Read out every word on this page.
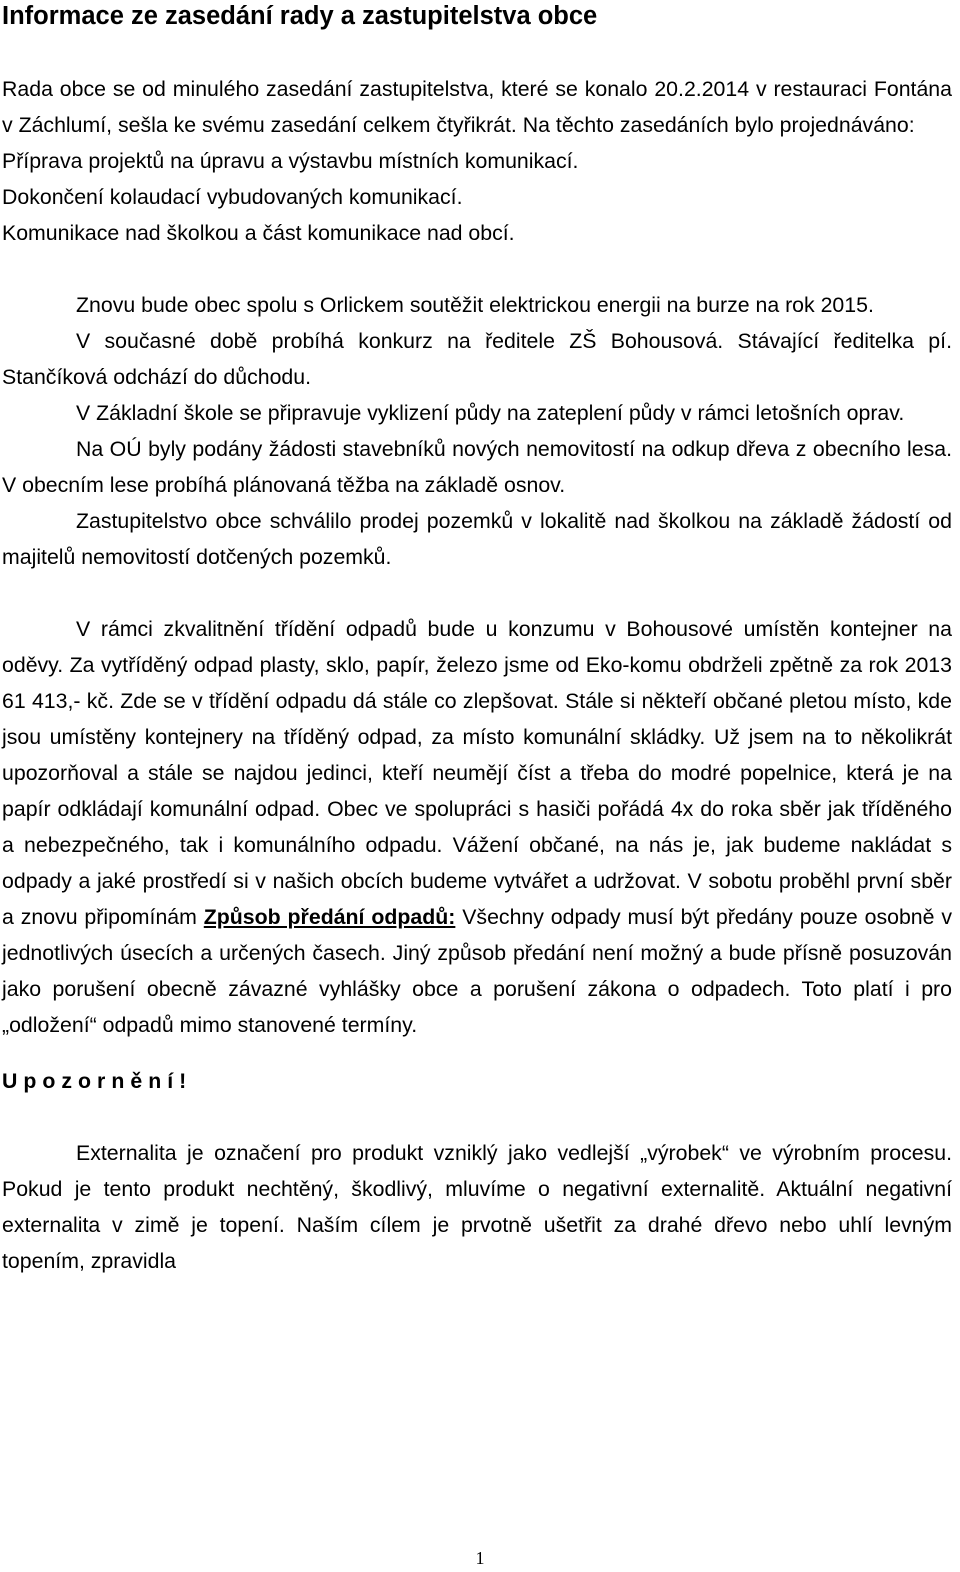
Informace ze zasedání rady a zastupitelstva obce

Rada obce se od minulého zasedání zastupitelstva, které se konalo 20.2.2014 v restauraci Fontána v Záchlumí, sešla ke svému zasedání celkem čtyřikrát. Na těchto zasedáních bylo projednáváno:

Příprava projektů na úpravu a výstavbu místních komunikací.

Dokončení kolaudací vybudovaných komunikací.

Komunikace nad školkou a část komunikace nad obcí.

Znovu bude obec spolu s Orlickem soutěžit elektrickou energii na burze na rok 2015.

V současné době probíhá konkurz na ředitele ZŠ Bohousová. Stávající ředitelka pí. Stančíková odchází do důchodu.

V Základní škole se připravuje vyklizení půdy na zateplení půdy v rámci letošních oprav.

Na OÚ byly podány žádosti stavebníků nových nemovitostí na odkup dřeva z obecního lesa. V obecním lese probíhá plánovaná těžba na základě osnov.

Zastupitelstvo obce schválilo prodej pozemků v lokalitě nad školkou na základě žádostí od majitelů nemovitostí dotčených pozemků.

V rámci zkvalitnění třídění odpadů bude u konzumu v Bohousové umístěn kontejner na oděvy. Za vytříděný odpad plasty, sklo, papír, železo jsme od Eko-komu obdrželi zpětně za rok 2013 61 413,- kč. Zde se v třídění odpadu dá stále co zlepšovat. Stále si někteří občané pletou místo, kde jsou umístěny kontejnery na tříděný odpad, za místo komunální skládky. Už jsem na to několikrát upozorňoval a stále se najdou jedinci, kteří neumějí číst a třeba do modré popelnice, která je na papír odkládají komunální odpad. Obec ve spolupráci s hasiči pořádá 4x do roka sběr jak tříděného a nebezpečného, tak i komunálního odpadu. Vážení občané, na nás je, jak budeme nakládat s odpady a jaké prostředí si v našich obcích budeme vytvářet a udržovat. V sobotu proběhl první sběr a znovu připomínám Způsob předání odpadů: Všechny odpady musí být předány pouze osobně v jednotlivých úsecích a určených časech. Jiný způsob předání není možný a bude přísně posuzován jako porušení obecně závazné vyhlášky obce a porušení zákona o odpadech. Toto platí i pro „odložení“ odpadů mimo stanovené termíny.

Upozornění!

Externalita je označení pro produkt vzniklý jako vedlejší „výrobek“ ve výrobním procesu. Pokud je tento produkt nechtěný, škodlivý, mluvíme o negativní externalitě. Aktuální negativní externalita v zimě je topení. Naším cílem je prvotně ušetřit za drahé dřevo nebo uhlí levným topením, zpravidla

1
